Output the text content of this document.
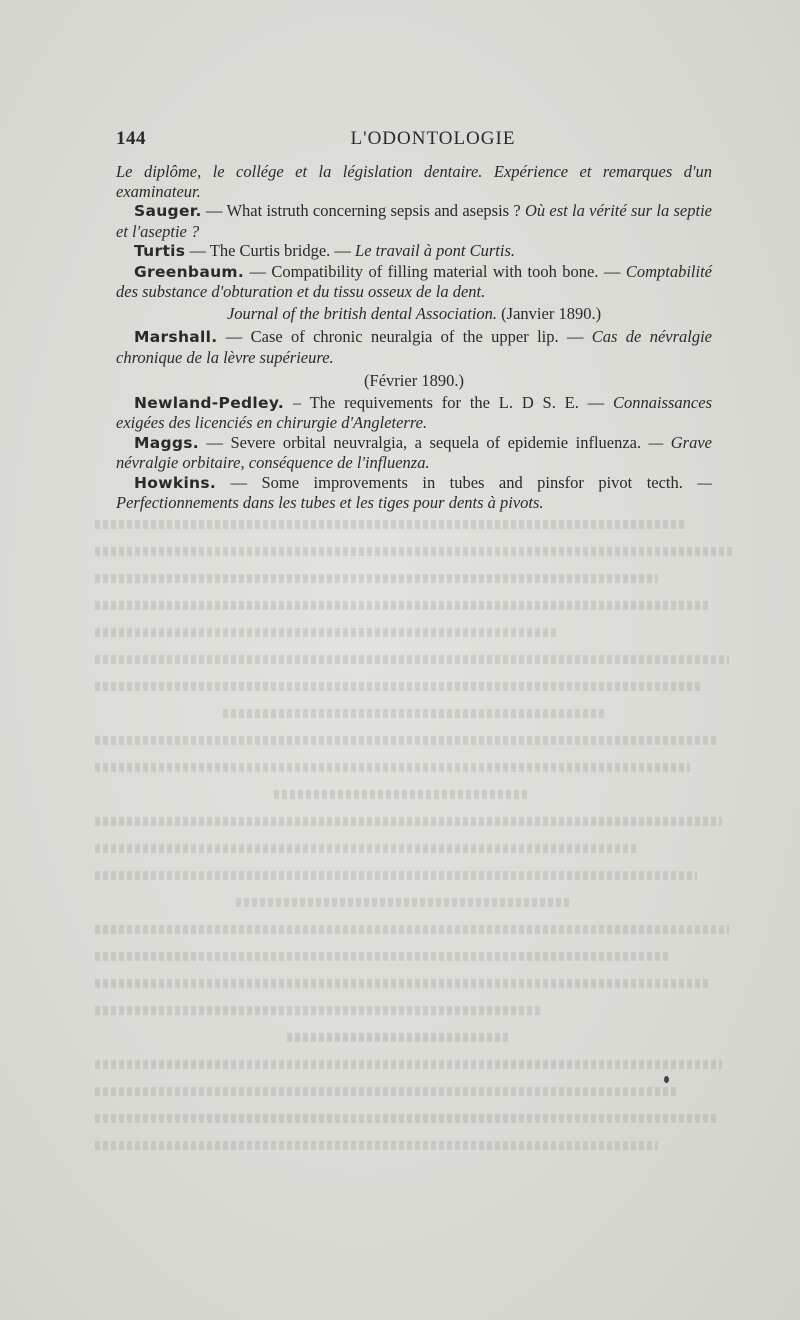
144	L'ODONTOLOGIE

Le diplôme, le collége et la législation dentaire. Expérience et remarques d'un examinateur.

Sauger. — What istruth concerning sepsis and asepsis ? Où est la vérité sur la septie et l'aseptie ?

Turtis — The Curtis bridge. — Le travail à pont Curtis.

Greenbaum. — Compatibility of filling material with tooh bone. — Comptabilité des substance d'obturation et du tissu osseux de la dent.

Journal of the british dental Association. (Janvier 1890.)

Marshall. — Case of chronic neuralgia of the upper lip. — Cas de névralgie chronique de la lèvre supérieure.

(Février 1890.)

Newland-Pedley. – The requivements for the L. D S. E. — Connaissances exigées des licenciés en chirurgie d'Angleterre.

Maggs. — Severe orbital neuvralgia, a sequela of epidemie influenza. — Grave névralgie orbitaire, conséquence de l'influenza.

Howkins. — Some improvements in tubes and pinsfor pivot tecth. — Perfectionnements dans les tubes et les tiges pour dents à pivots.
